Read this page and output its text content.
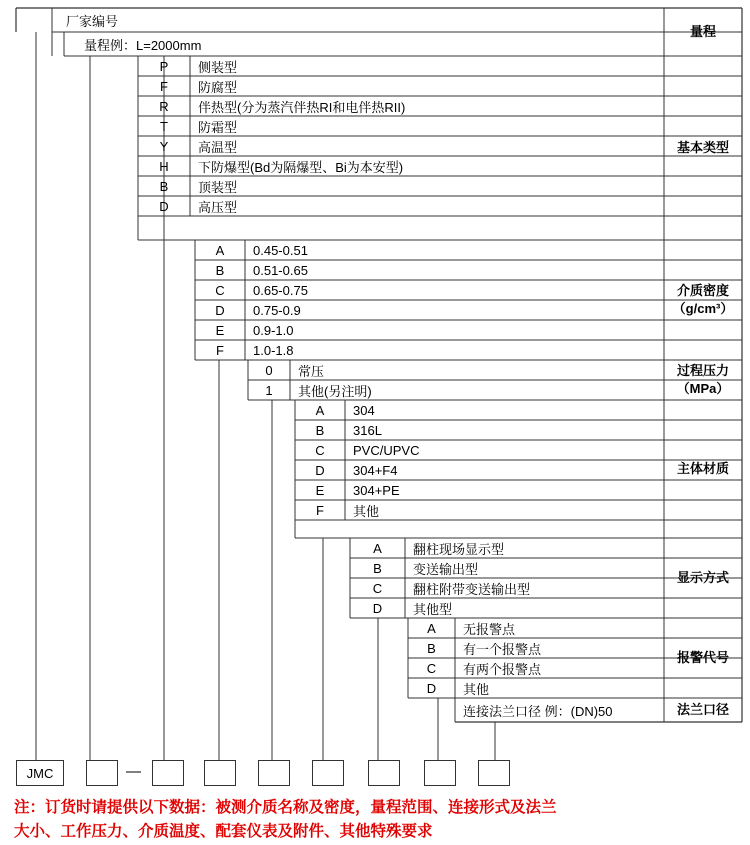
厂家编号
量程例：L=2000mm
量程
P	侧装型
F	防腐型
R	伴热型(分为蒸汽伴热RI和电伴热RII)
T	防霜型
Y	高温型
H	下防爆型(Bd为隔爆型、Bi为本安型)
B	顶装型
D	高压型
基本类型
A	0.45-0.51
B	0.51-0.65
C	0.65-0.75
D	0.75-0.9
E	0.9-1.0
F	1.0-1.8
介质密度
（g/cm³）
0	常压
1	其他(另注明)
过程压力
（MPa）
A	304
B	316L
C	PVC/UPVC
D	304+F4
E	304+PE
F	其他
主体材质
A	翻柱现场显示型
B	变送输出型
C	翻柱附带变送输出型
D	其他型
显示方式
A	无报警点
B	有一个报警点
C	有两个报警点
D	其他
报警代号
连接法兰口径 例：(DN)50	法兰口径
JMC	—
注：订货时请提供以下数据：被测介质名称及密度，量程范围、连接形式及法兰
大小、工作压力、介质温度、配套仪表及附件、其他特殊要求
